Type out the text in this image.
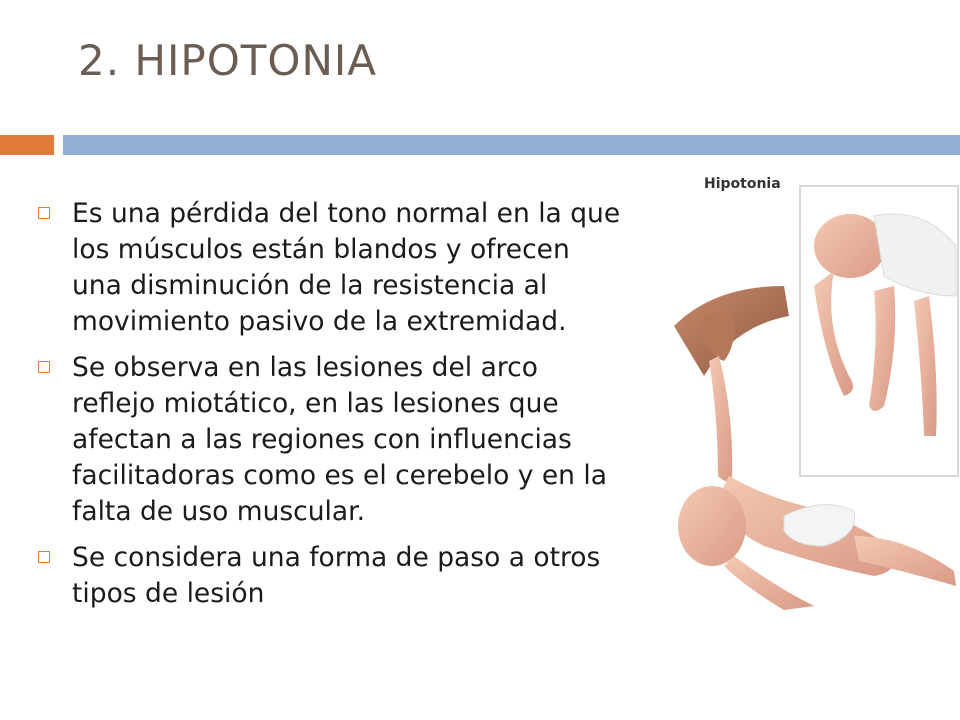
2. HIPOTONIA
Es una pérdida del tono normal en la que los músculos están blandos y ofrecen una disminución de la resistencia al movimiento pasivo de la extremidad.
Se observa en las lesiones del arco reflejo miotático, en las lesiones que afectan a las regiones con influencias facilitadoras como es el cerebelo y en la falta de uso muscular.
Se considera una forma de paso a otros tipos de lesión
Hipotonia
